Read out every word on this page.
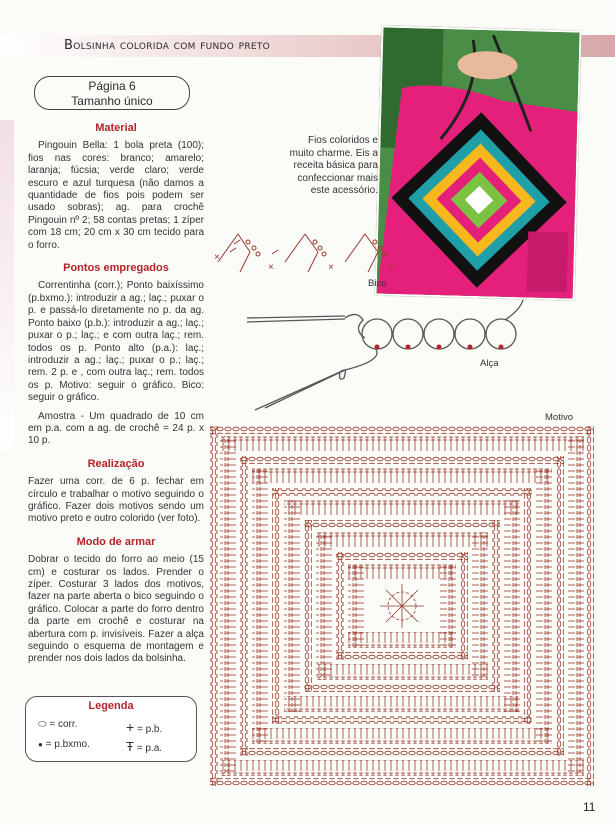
Bolsinha colorida com fundo preto
Página 6
Tamanho único
Material
Pingouin Bella: 1 bola preta (100); fios nas cores: branco; amarelo; laranja; fúcsia; verde claro; verde escuro e azul turquesa (não damos a quantidade de fios pois podem ser usado sobras); ag. para crochê Pingouin nº 2; 58 contas pretas; 1 zíper com 18 cm; 20 cm x 30 cm tecido para o forro.
Pontos empregados
Correntinha (corr.); Ponto baixíssimo (p.bxmo.): introduzir a ag.; laç.; puxar o p. e passá-lo diretamente no p. da ag. Ponto baixo (p.b.): introduzir a ag.; laç.; puxar o p.; laç.; e com outra laç.; rem. todos os p. Ponto alto (p.a.): laç.; introduzir a ag.; laç.; puxar o p.; laç.; rem. 2 p. e , com outra laç.; rem. todos os p. Motivo: seguir o gráfico. Bico: seguir o gráfico.
Amostra - Um quadrado de 10 cm em p.a. com a ag. de crochê = 24 p. x 10 p.
Realização
Fazer uma corr. de 6 p. fechar em círculo e trabalhar o motivo seguindo o gráfico. Fazer dois motivos sendo um motivo preto e outro colorido (ver foto).
Modo de armar
Dobrar o tecido do forro ao meio (15 cm) e costurar os lados. Prender o zíper. Costurar 3 lados dos motivos, fazer na parte aberta o bico seguindo o gráfico. Colocar a parte do forro dentro da parte em crochê e costurar na abertura com p. invisíveis. Fazer a alça seguindo o esquema de montagem e prender nos dois lados da bolsinha.
Legenda
⬭ = corr.	+ = p.b.
● = p.bxmo.	Ŧ = p.a.
Fios coloridos e muito charme. Eis a receita básica para confeccionar mais este acessório.
×
×	×	×
Bico
Alça
Motivo
11
